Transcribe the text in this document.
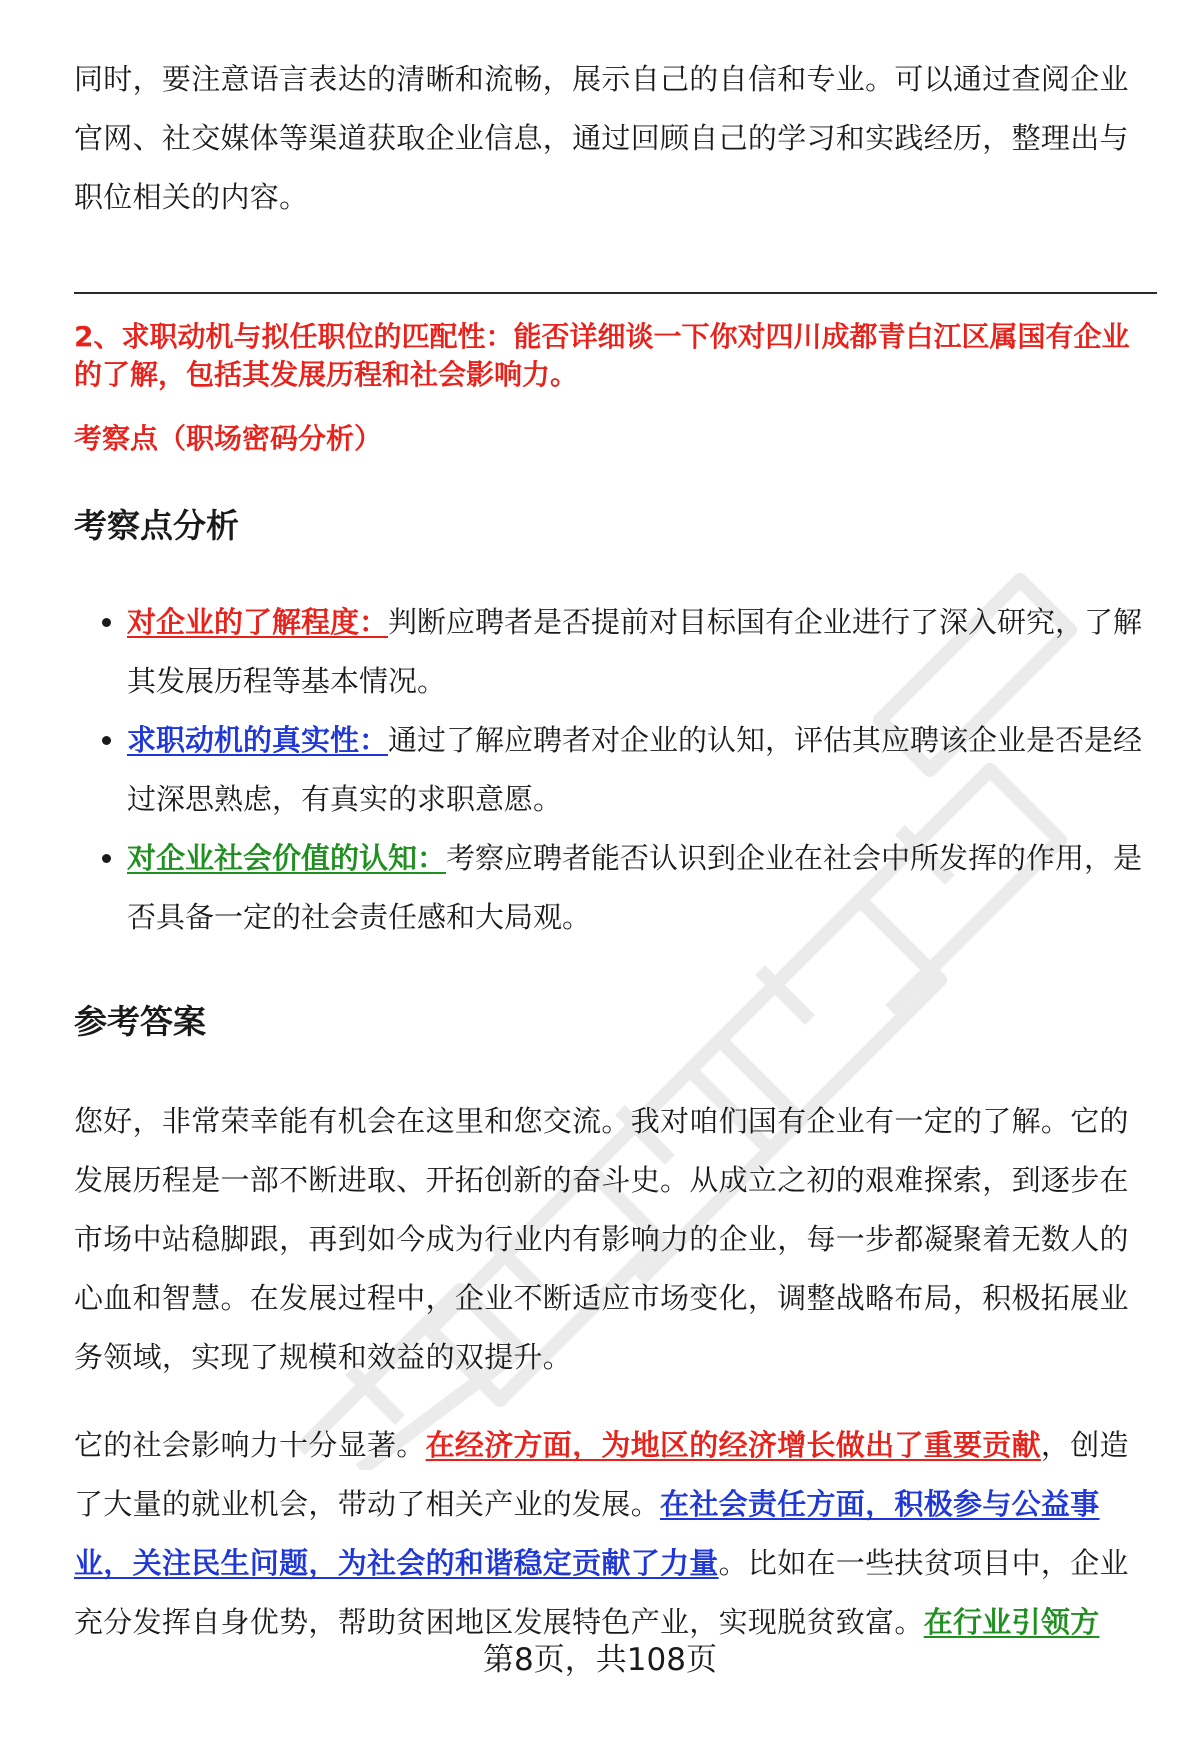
同时，要注意语言表达的清晰和流畅，展示自己的自信和专业。可以通过查阅企业官网、社交媒体等渠道获取企业信息，通过回顾自己的学习和实践经历，整理出与职位相关的内容。

2、求职动机与拟任职位的匹配性：能否详细谈一下你对四川成都青白江区属国有企业的了解，包括其发展历程和社会影响力。
考察点（职场密码分析）
考察点分析
对企业的了解程度：判断应聘者是否提前对目标国有企业进行了深入研究，了解其发展历程等基本情况。
求职动机的真实性：通过了解应聘者对企业的认知，评估其应聘该企业是否是经过深思熟虑，有真实的求职意愿。
对企业社会价值的认知：考察应聘者能否认识到企业在社会中所发挥的作用，是否具备一定的社会责任感和大局观。
参考答案

您好，非常荣幸能有机会在这里和您交流。我对咱们国有企业有一定的了解。它的发展历程是一部不断进取、开拓创新的奋斗史。从成立之初的艰难探索，到逐步在市场中站稳脚跟，再到如今成为行业内有影响力的企业，每一步都凝聚着无数人的心血和智慧。在发展过程中，企业不断适应市场变化，调整战略布局，积极拓展业务领域，实现了规模和效益的双提升。

它的社会影响力十分显著。在经济方面，为地区的经济增长做出了重要贡献，创造了大量的就业机会，带动了相关产业的发展。在社会责任方面，积极参与公益事业，关注民生问题，为社会的和谐稳定贡献了力量。比如在一些扶贫项目中，企业充分发挥自身优势，帮助贫困地区发展特色产业，实现脱贫致富。在行业引领方

第8页，共108页
